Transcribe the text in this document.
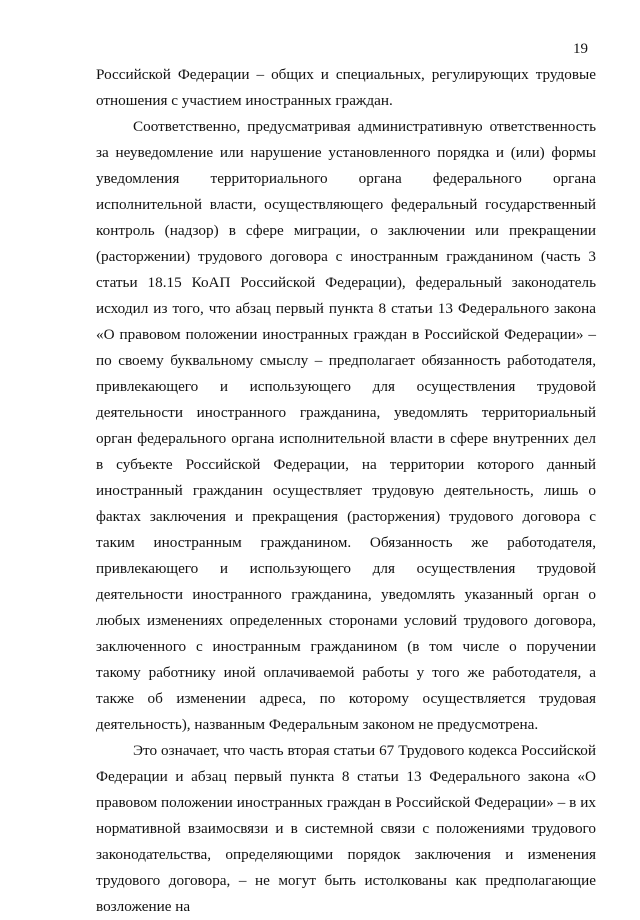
19

Российской Федерации – общих и специальных, регулирующих трудовые отношения с участием иностранных граждан.

Соответственно, предусматривая административную ответственность за неуведомление или нарушение установленного порядка и (или) формы уведомления территориального органа федерального органа исполнительной власти, осуществляющего федеральный государственный контроль (надзор) в сфере миграции, о заключении или прекращении (расторжении) трудового договора с иностранным гражданином (часть 3 статьи 18.15 КоАП Российской Федерации), федеральный законодатель исходил из того, что абзац первый пункта 8 статьи 13 Федерального закона «О правовом положении иностранных граждан в Российской Федерации» – по своему буквальному смыслу – предполагает обязанность работодателя, привлекающего и использующего для осуществления трудовой деятельности иностранного гражданина, уведомлять территориальный орган федерального органа исполнительной власти в сфере внутренних дел в субъекте Российской Федерации, на территории которого данный иностранный гражданин осуществляет трудовую деятельность, лишь о фактах заключения и прекращения (расторжения) трудового договора с таким иностранным гражданином. Обязанность же работодателя, привлекающего и использующего для осуществления трудовой деятельности иностранного гражданина, уведомлять указанный орган о любых изменениях определенных сторонами условий трудового договора, заключенного с иностранным гражданином (в том числе о поручении такому работнику иной оплачиваемой работы у того же работодателя, а также об изменении адреса, по которому осуществляется трудовая деятельность), названным Федеральным законом не предусмотрена.

Это означает, что часть вторая статьи 67 Трудового кодекса Российской Федерации и абзац первый пункта 8 статьи 13 Федерального закона «О правовом положении иностранных граждан в Российской Федерации» – в их нормативной взаимосвязи и в системной связи с положениями трудового законодательства, определяющими порядок заключения и изменения трудового договора, – не могут быть истолкованы как предполагающие возложение на
